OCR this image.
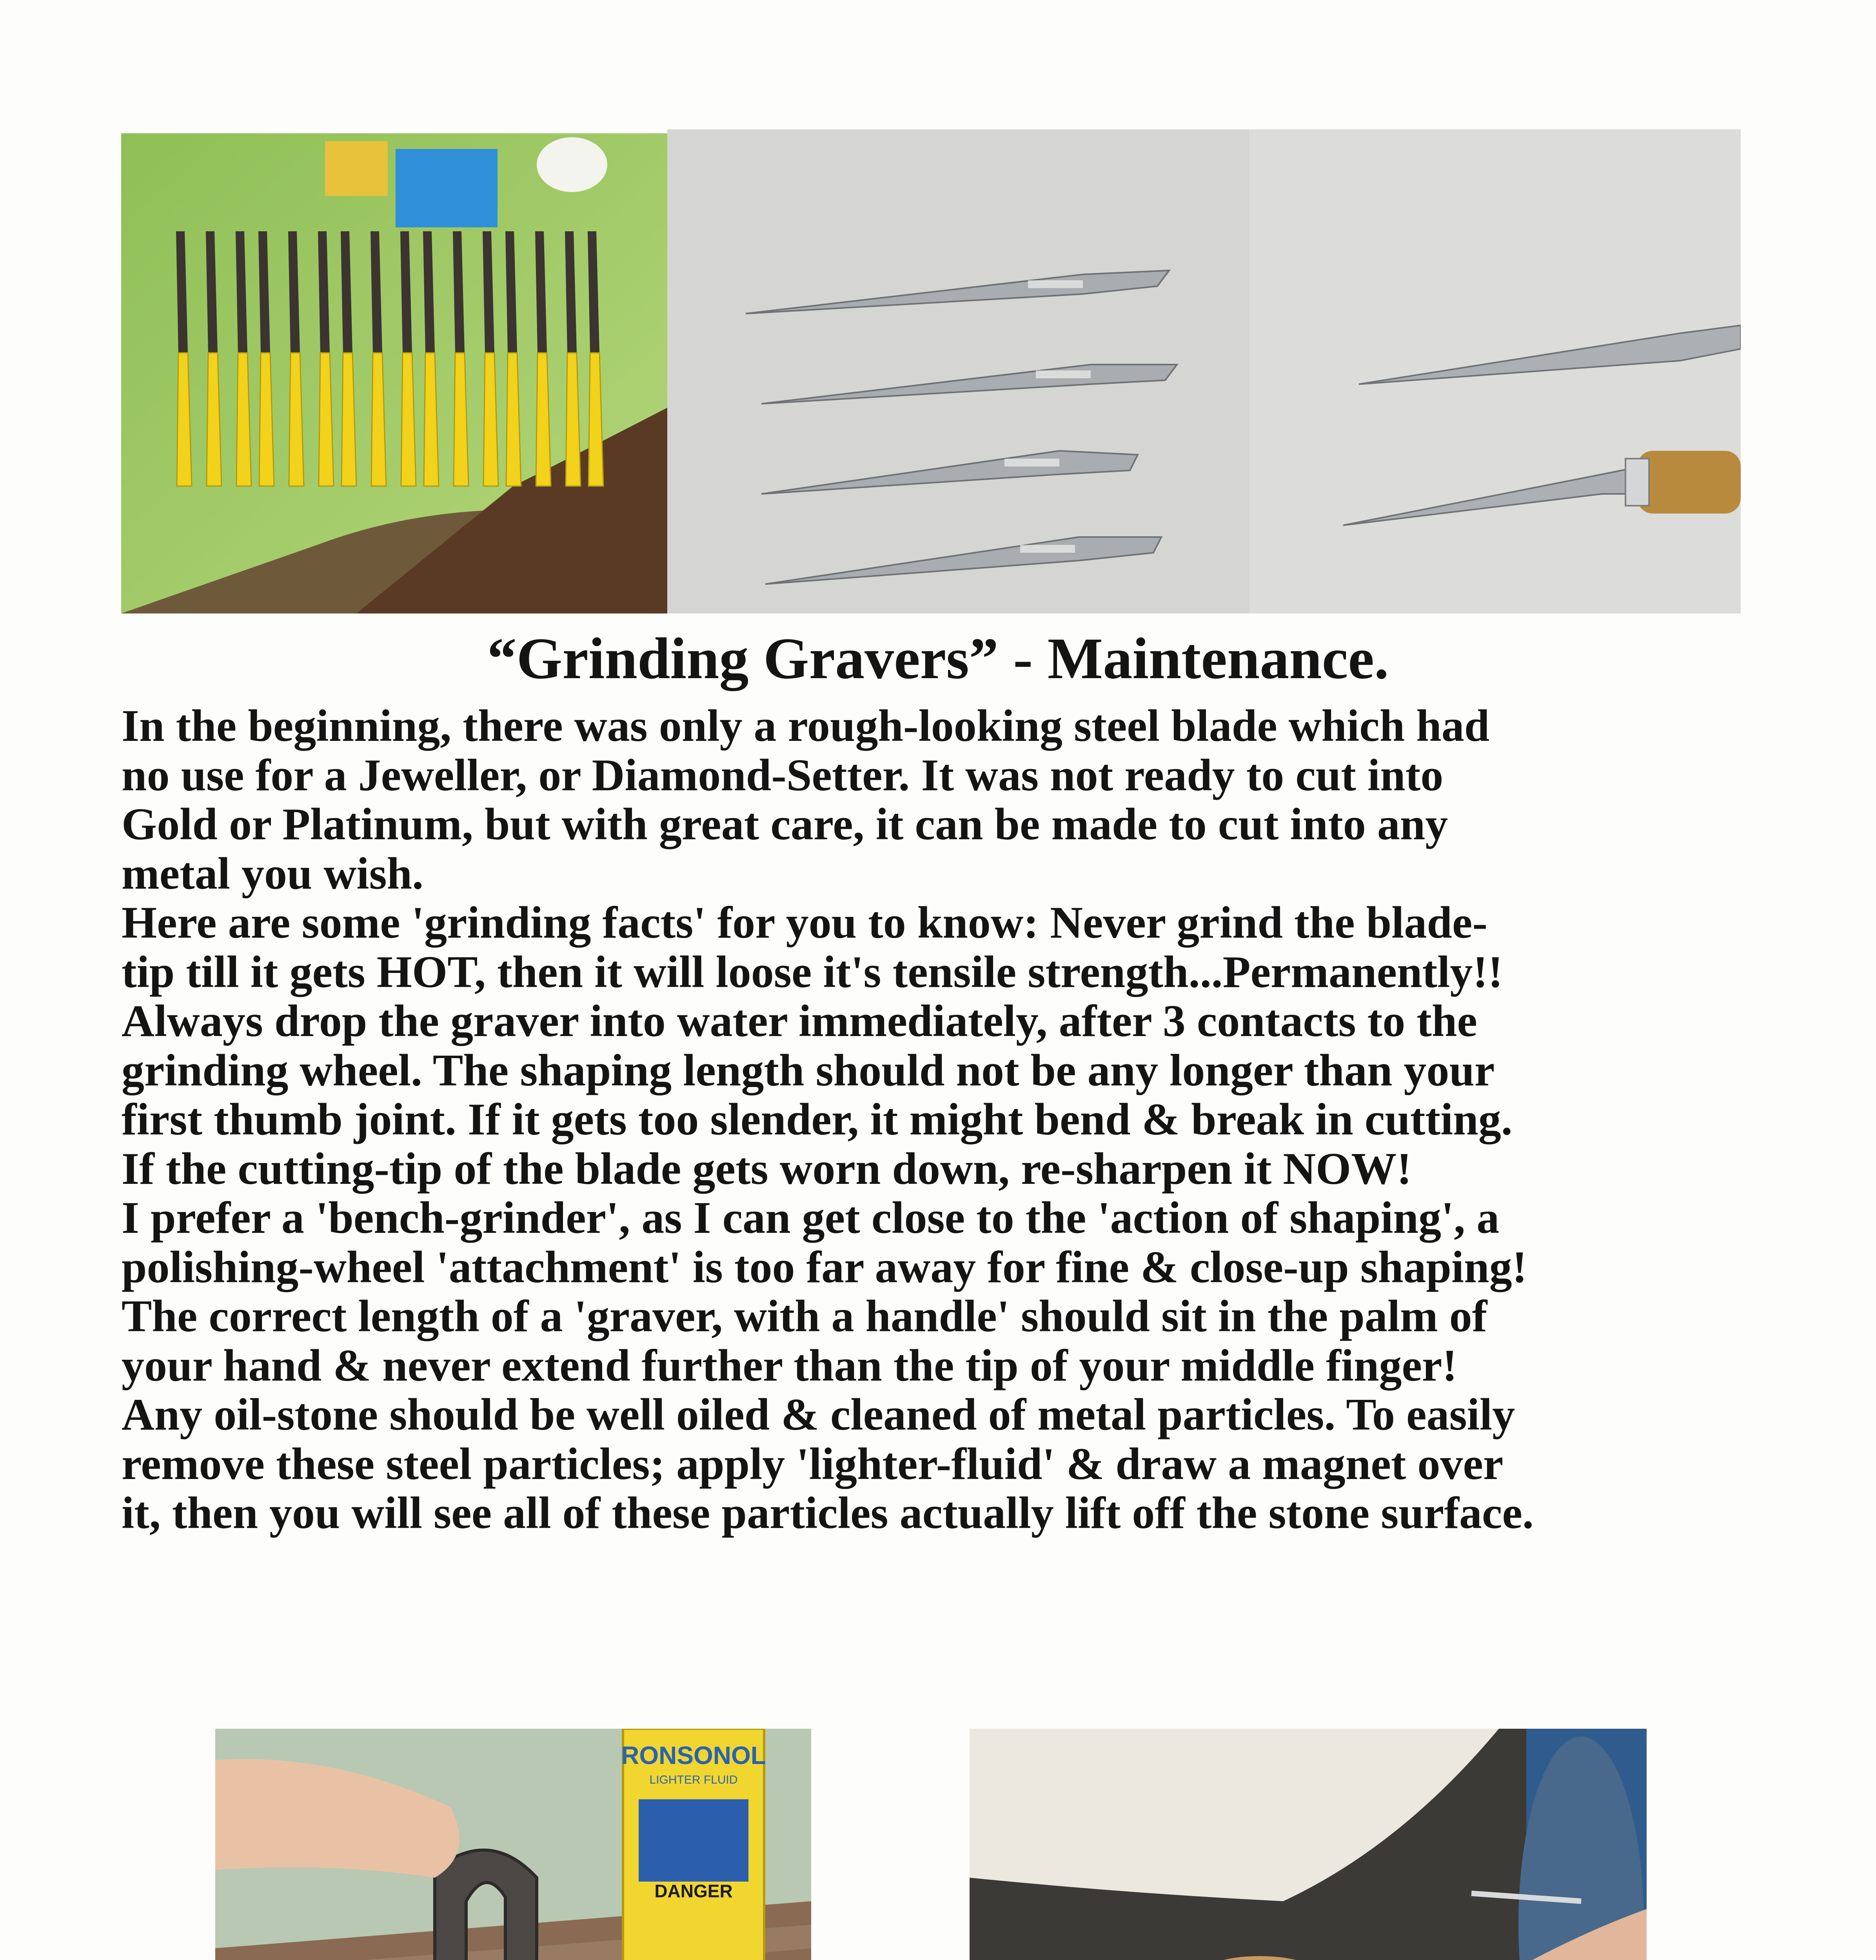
“Grinding Gravers” - Maintenance.

In the beginning, there was only a rough-looking steel blade which had

no use for a Jeweller, or Diamond-Setter. It was not ready to cut into

Gold or Platinum, but with great care, it can be made to cut into any

metal you wish.

Here are some 'grinding facts' for you to know: Never grind the blade-

tip till it gets HOT, then it will loose it's tensile strength...Permanently!!

Always drop the graver into water immediately, after 3 contacts to the

grinding wheel. The shaping length should not be any longer than your

first thumb joint. If it gets too slender, it might bend & break in cutting.

If the cutting-tip of the blade gets worn down, re-sharpen it NOW!

I prefer a 'bench-grinder', as I can get close to the 'action of shaping', a

polishing-wheel 'attachment' is too far away for fine & close-up shaping!

The correct length of a 'graver, with a handle' should sit in the palm of

your hand & never extend further than the tip of your middle finger!

Any oil-stone should be well oiled & cleaned of metal particles. To easily

remove these steel particles; apply 'lighter-fluid' & draw a magnet over

it, then you will see all of these particles actually lift off the stone surface.

RONSONOL
LIGHTER FLUID
DANGER
